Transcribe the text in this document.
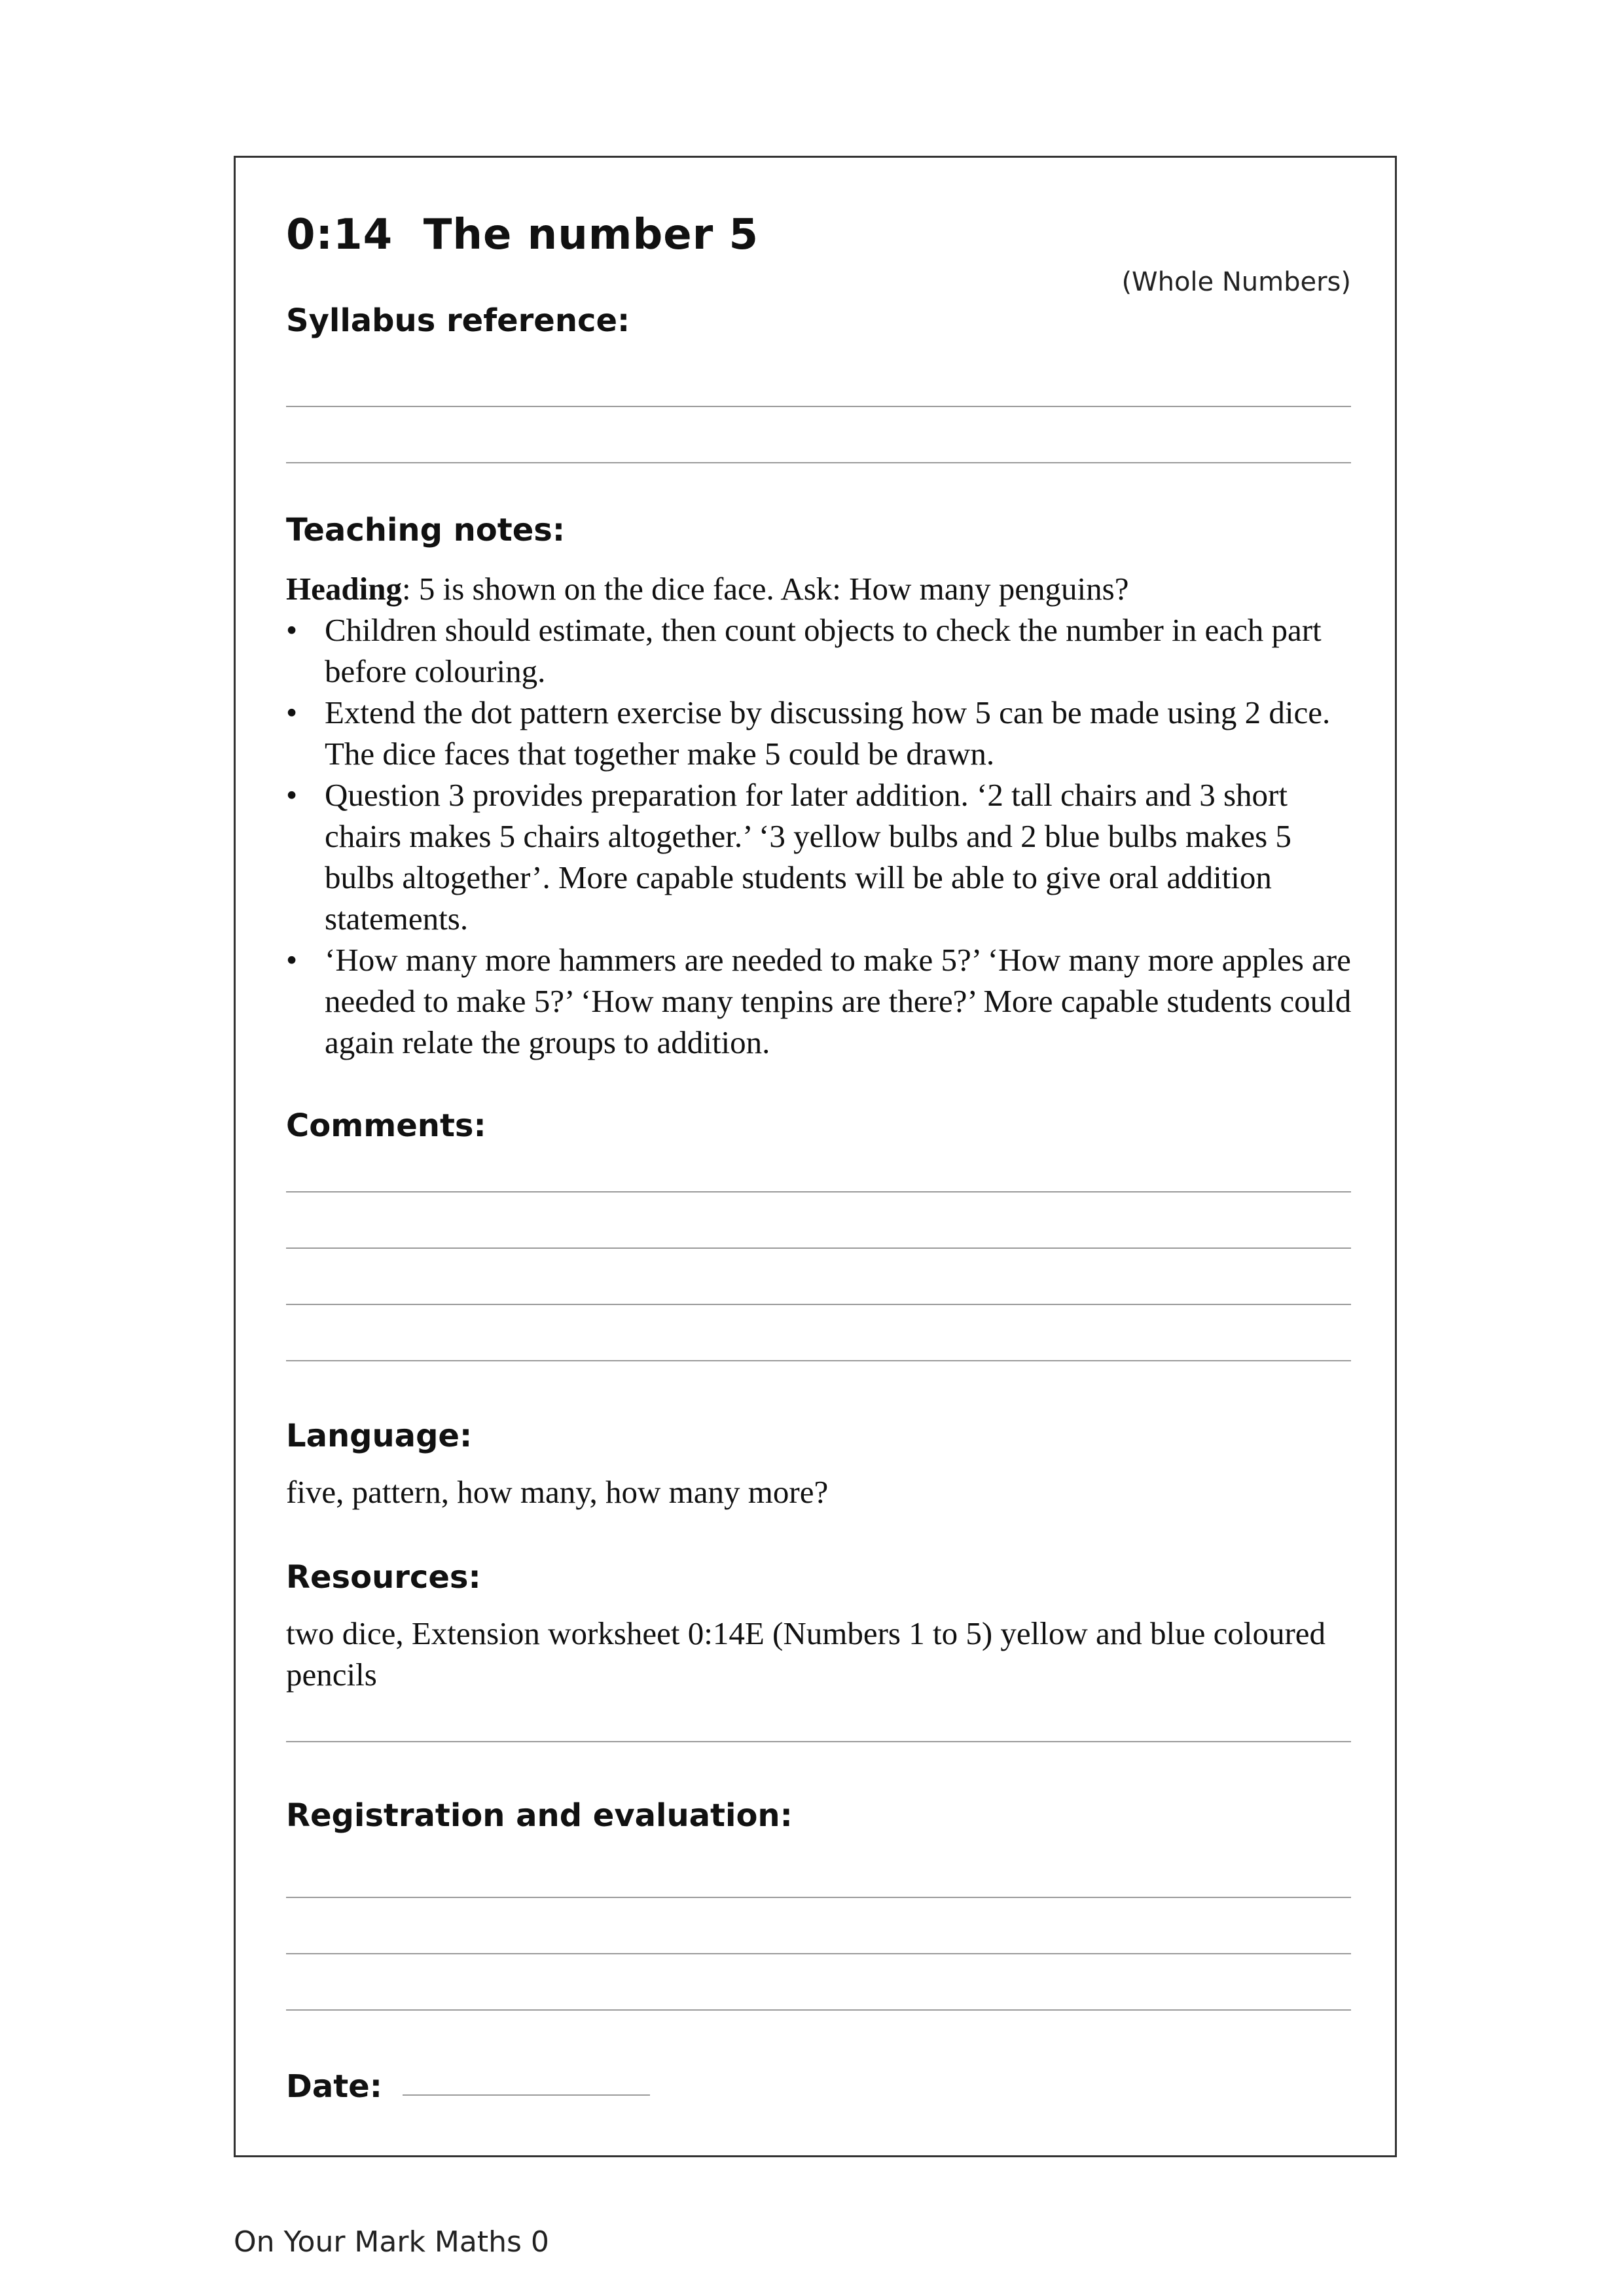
0:14  The number 5
(Whole Numbers)
Syllabus reference:
Teaching notes:
Heading: 5 is shown on the dice face. Ask: How many penguins?
• Children should estimate, then count objects to check the number in each part before colouring.
• Extend the dot pattern exercise by discussing how 5 can be made using 2 dice. The dice faces that together make 5 could be drawn.
• Question 3 provides preparation for later addition. ‘2 tall chairs and 3 short chairs makes 5 chairs altogether.’ ‘3 yellow bulbs and 2 blue bulbs makes 5 bulbs altogether’. More capable students will be able to give oral addition statements.
• ‘How many more hammers are needed to make 5?’ ‘How many more apples are needed to make 5?’ ‘How many tenpins are there?’ More capable students could again relate the groups to addition.
Comments:
Language:

five, pattern, how many, how many more?

Resources:

two dice, Extension worksheet 0:14E (Numbers 1 to 5) yellow and blue coloured pencils

Registration and evaluation:
Date:
On Your Mark Maths 0
